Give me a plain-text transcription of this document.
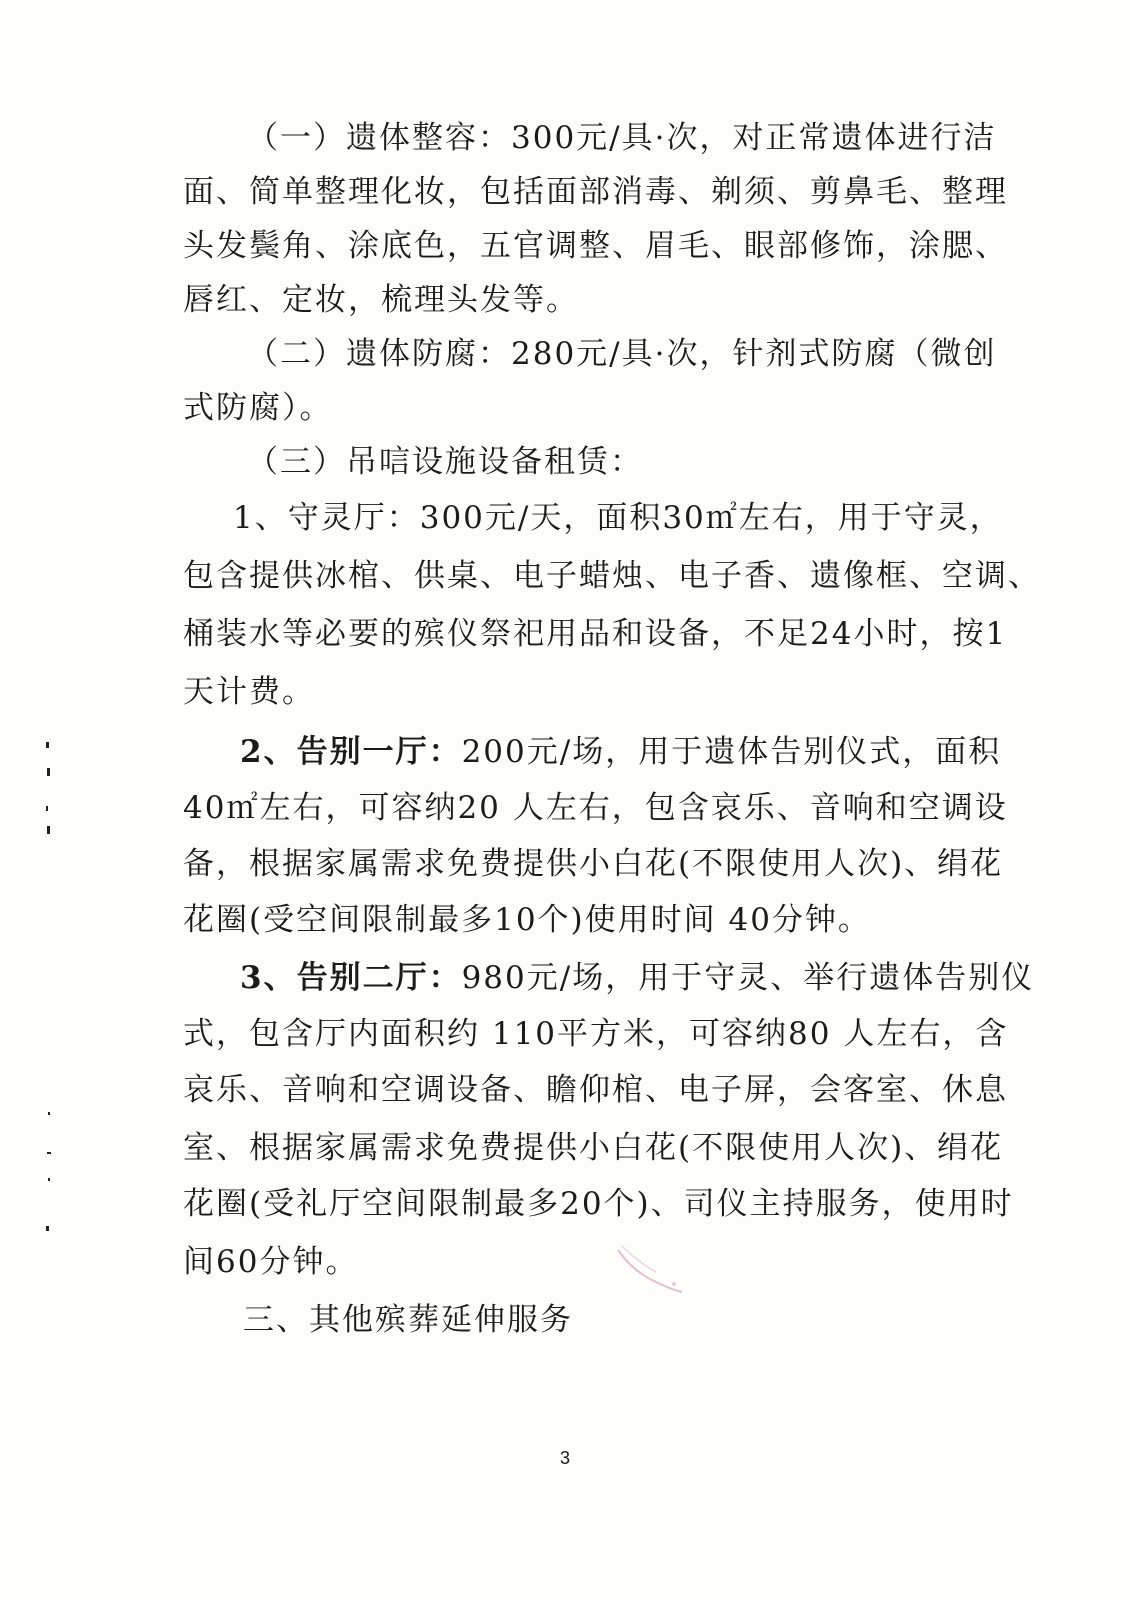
（一）遗体整容：300元/具·次，对正常遗体进行洁
面、简单整理化妆，包括面部消毒、剃须、剪鼻毛、整理
头发鬓角、涂底色，五官调整、眉毛、眼部修饰，涂腮、
唇红、定妆，梳理头发等。
（二）遗体防腐：280元/具·次，针剂式防腐（微创
式防腐）。
（三）吊唁设施设备租赁：
1、守灵厅：300元/天，面积30㎡左右，用于守灵，
包含提供冰棺、供桌、电子蜡烛、电子香、遗像框、空调、
桶装水等必要的殡仪祭祀用品和设备，不足24小时，按1
天计费。
2、告别一厅：200元/场，用于遗体告别仪式，面积
40㎡左右，可容纳20 人左右，包含哀乐、音响和空调设
备，根据家属需求免费提供小白花(不限使用人次)、绢花
花圈(受空间限制最多10个)使用时间 40分钟。
3、告别二厅：980元/场，用于守灵、举行遗体告别仪
式，包含厅内面积约 110平方米，可容纳80 人左右，含
哀乐、音响和空调设备、瞻仰棺、电子屏，会客室、休息
室、根据家属需求免费提供小白花(不限使用人次)、绢花
花圈(受礼厅空间限制最多20个)、司仪主持服务，使用时
间60分钟。
三、其他殡葬延伸服务
3
